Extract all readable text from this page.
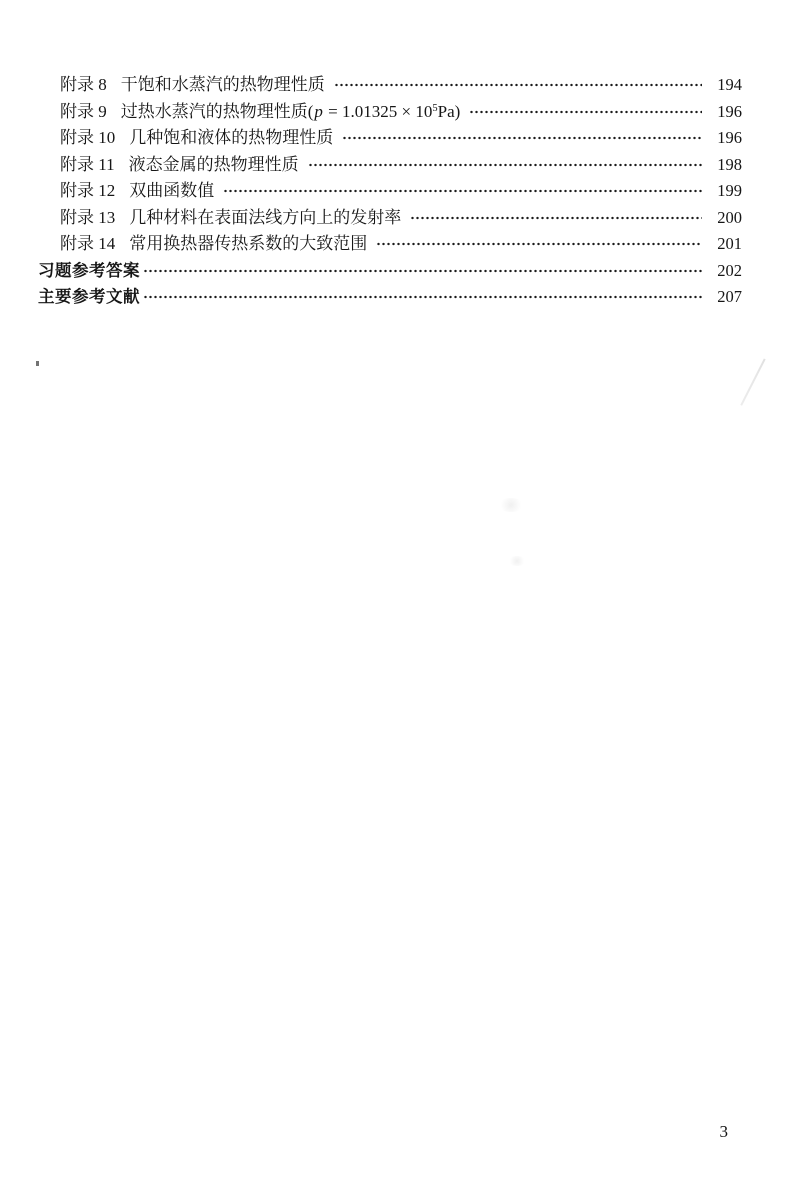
附录 8 干饱和水蒸汽的热物理性质	194
附录 9 过热水蒸汽的热物理性质$(p = 1.01325 \times 10^5Pa)$	196
附录 10 几种饱和液体的热物理性质	196
附录 11 液态金属的热物理性质	198
附录 12 双曲函数值	199
附录 13 几种材料在表面法线方向上的发射率	200
附录 14 常用换热器传热系数的大致范围	201
习题参考答案	202
主要参考文献	207
3
